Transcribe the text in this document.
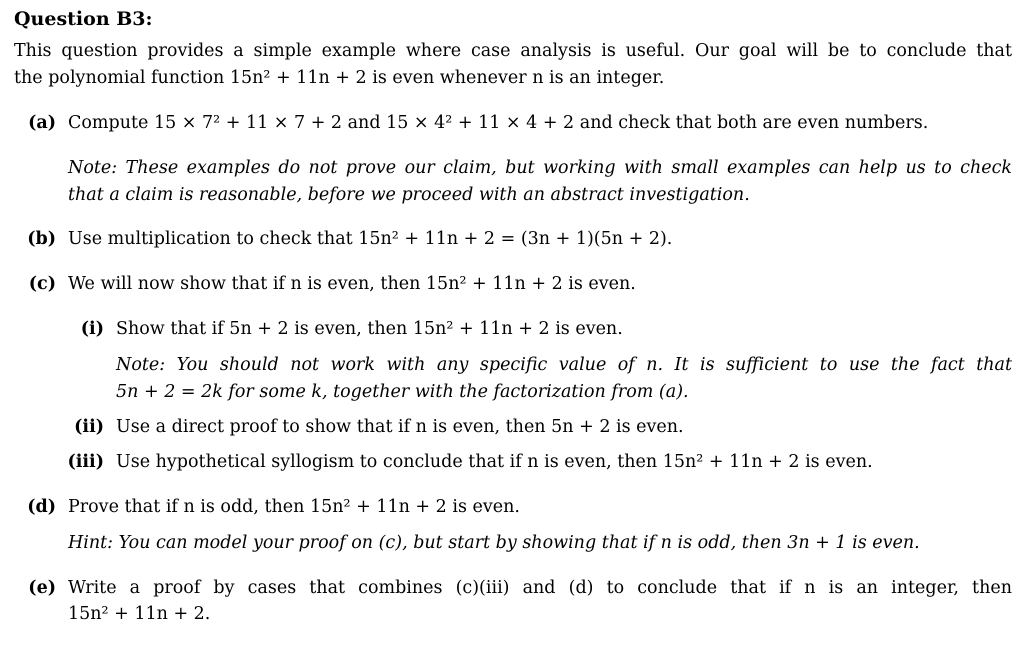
Question B3:
This question provides a simple example where case analysis is useful. Our goal will be to conclude that
the polynomial function 15n² + 11n + 2 is even whenever n is an integer.
(a) Compute 15 × 7² + 11 × 7 + 2 and 15 × 4² + 11 × 4 + 2 and check that both are even numbers.
Note: These examples do not prove our claim, but working with small examples can help us to check
that a claim is reasonable, before we proceed with an abstract investigation.
(b) Use multiplication to check that 15n² + 11n + 2 = (3n + 1)(5n + 2).
(c) We will now show that if n is even, then 15n² + 11n + 2 is even.
(i) Show that if 5n + 2 is even, then 15n² + 11n + 2 is even.
Note: You should not work with any specific value of n. It is sufficient to use the fact that
5n + 2 = 2k for some k, together with the factorization from (a).
(ii) Use a direct proof to show that if n is even, then 5n + 2 is even.
(iii) Use hypothetical syllogism to conclude that if n is even, then 15n² + 11n + 2 is even.
(d) Prove that if n is odd, then 15n² + 11n + 2 is even.
Hint: You can model your proof on (c), but start by showing that if n is odd, then 3n + 1 is even.
(e) Write a proof by cases that combines (c)(iii) and (d) to conclude that if n is an integer, then
15n² + 11n + 2.
